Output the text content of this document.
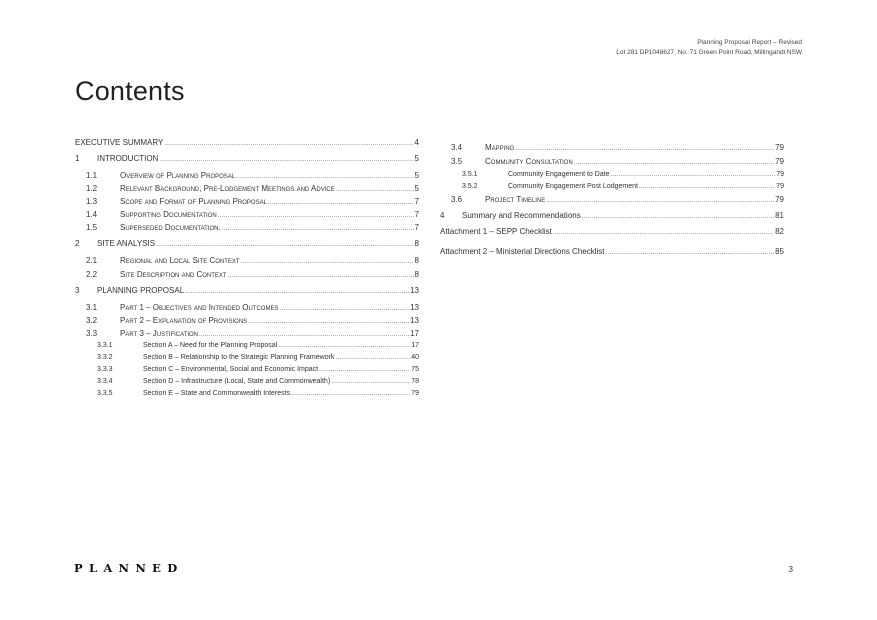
Planning Proposal Report – Revised
Lot 281 DP1048627, No. 71 Green Point Road, Millingandi NSW
Contents
EXECUTIVE SUMMARY .....	4
1	INTRODUCTION .....	5
1.1	Overview of Planning Proposal .....	5
1.2	Relevant Background, Pre-Lodgement Meetings and Advice .....	5
1.3	Scope and Format of Planning Proposal .....	7
1.4	Supporting Documentation .....	7
1.5	Superseded Documentation. .....	7
2	SITE ANALYSIS .....	8
2.1	Regional and Local Site Context .....	8
2.2	Site Description and Context .....	8
3	PLANNING PROPOSAL .....	13
3.1	Part 1 – Objectives and Intended Outcomes .....	13
3.2	Part 2 – Explanation of Provisions .....	13
3.3	Part 3 – Justification .....	17
3.3.1	Section A – Need for the Planning Proposal .....	17
3.3.2	Section B – Relationship to the Strategic Planning Framework .....	40
3.3.3	Section C – Environmental, Social and Economic Impact .....	75
3.3.4	Section D – Infrastructure (Local, State and Commonwealth) .....	78
3.3.5	Section E – State and Commonwealth Interests .....	79
3.4	Mapping .....	79
3.5	Community Consultation .....	79
3.5.1	Community Engagement to Date .....	79
3.5.2	Community Engagement Post Lodgement .....	79
3.6	Project Timeline .....	79
4	Summary and Recommendations .....	81
Attachment 1 – SEPP Checklist .....	82
Attachment 2 – Ministerial Directions Checklist .....	85
PLANNED	3
